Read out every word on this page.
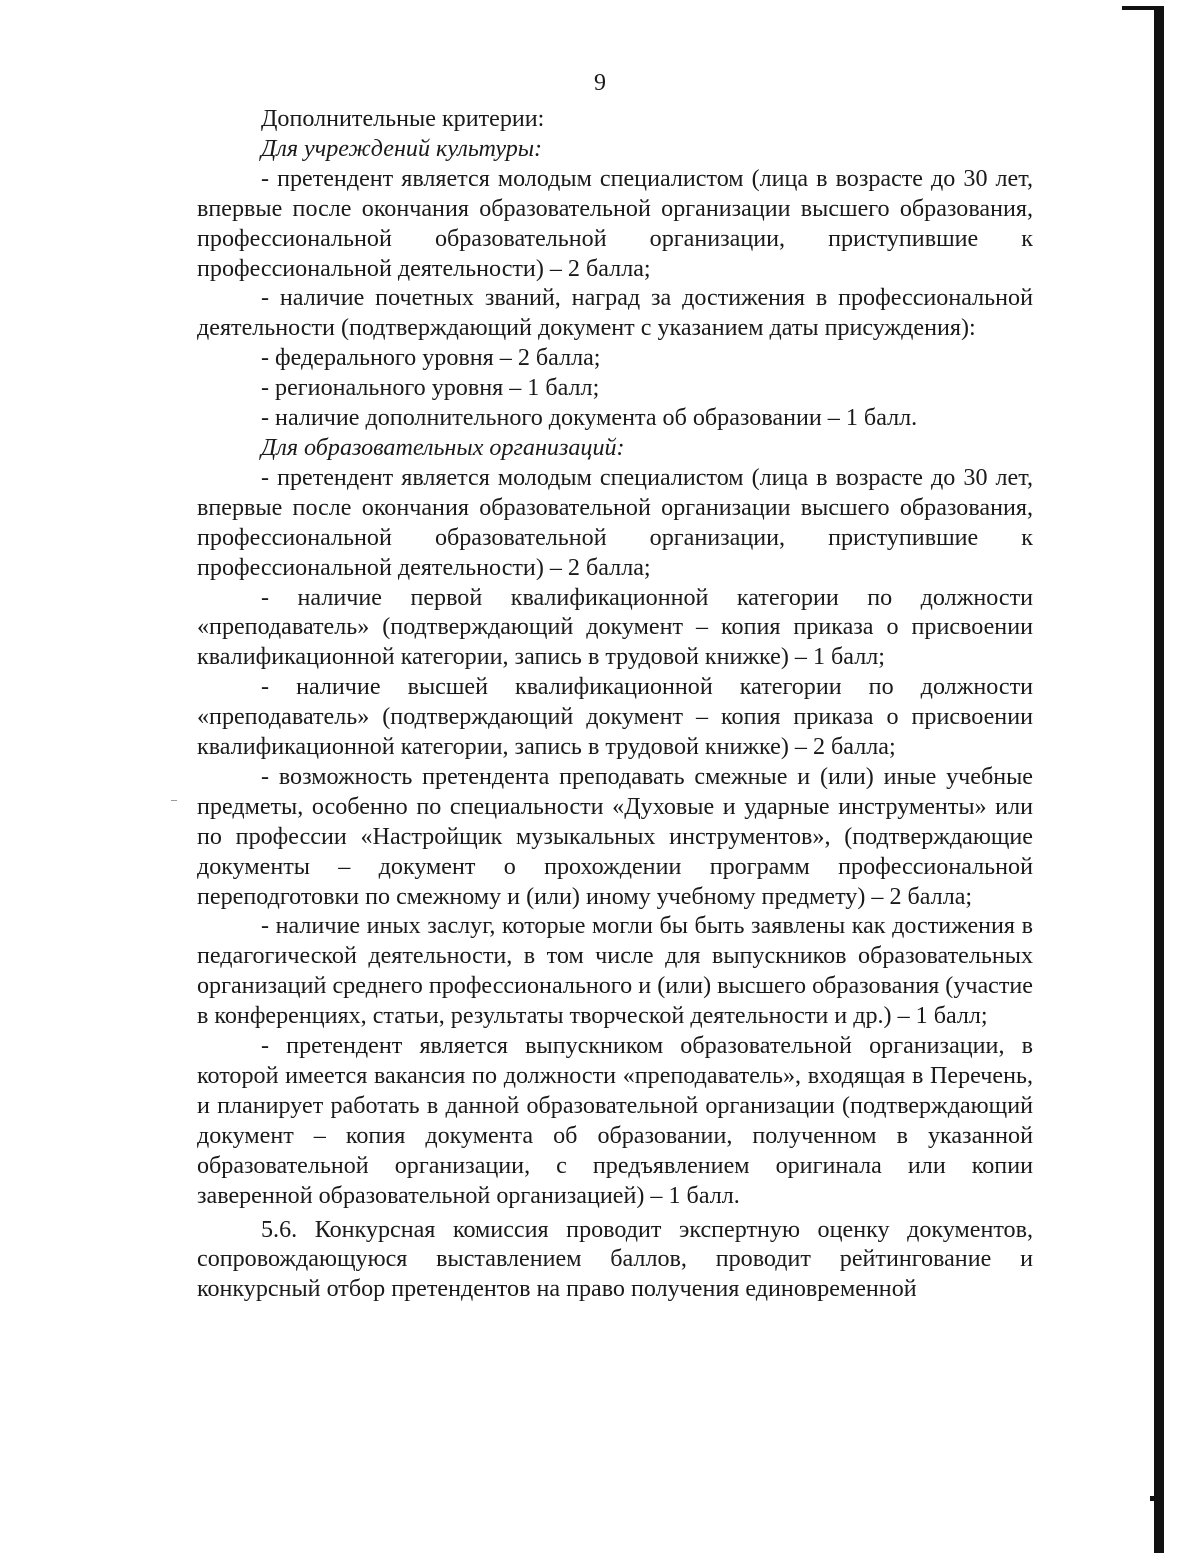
9

Дополнительные критерии:

Для учреждений культуры:

- претендент является молодым специалистом (лица в возрасте до 30 лет, впервые после окончания образовательной организации высшего образования, профессиональной образовательной организации, приступившие к профессиональной деятельности) – 2 балла;

- наличие почетных званий, наград за достижения в профессиональной деятельности (подтверждающий документ с указанием даты присуждения):

- федерального уровня – 2 балла;

- регионального уровня – 1 балл;

- наличие дополнительного документа об образовании – 1 балл.

Для образовательных организаций:

- претендент является молодым специалистом (лица в возрасте до 30 лет, впервые после окончания образовательной организации высшего образования, профессиональной образовательной организации, приступившие к профессиональной деятельности) – 2 балла;

- наличие первой квалификационной категории по должности «преподаватель» (подтверждающий документ – копия приказа о присвоении квалификационной категории, запись в трудовой книжке) – 1 балл;

- наличие высшей квалификационной категории по должности «преподаватель» (подтверждающий документ – копия приказа о присвоении квалификационной категории, запись в трудовой книжке) – 2 балла;

- возможность претендента преподавать смежные и (или) иные учебные предметы, особенно по специальности «Духовые и ударные инструменты» или по профессии «Настройщик музыкальных инструментов», (подтверждающие документы – документ о прохождении программ профессиональной переподготовки по смежному и (или) иному учебному предмету) – 2 балла;

- наличие иных заслуг, которые могли бы быть заявлены как достижения в педагогической деятельности, в том числе для выпускников образовательных организаций среднего профессионального и (или) высшего образования (участие в конференциях, статьи, результаты творческой деятельности и др.) – 1 балл;

- претендент является выпускником образовательной организации, в которой имеется вакансия по должности «преподаватель», входящая в Перечень, и планирует работать в данной образовательной организации (подтверждающий документ – копия документа об образовании, полученном в указанной образовательной организации, с предъявлением оригинала или копии заверенной образовательной организацией) – 1 балл.

5.6. Конкурсная комиссия проводит экспертную оценку документов, сопровождающуюся выставлением баллов, проводит рейтингование и конкурсный отбор претендентов на право получения единовременной
